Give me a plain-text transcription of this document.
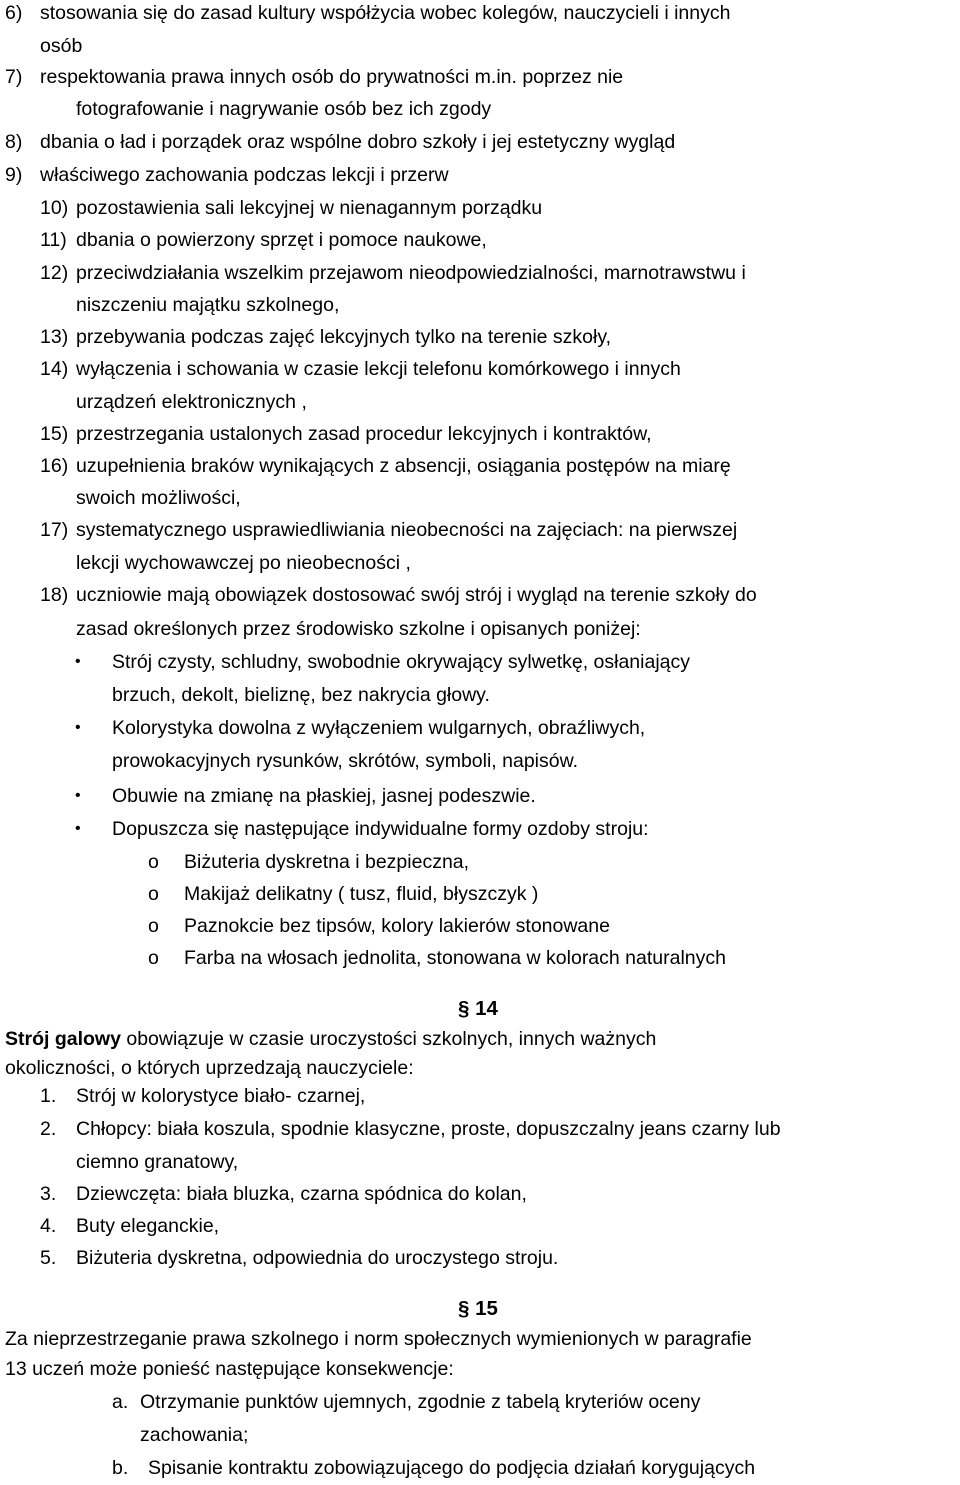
6) stosowania się do zasad kultury współżycia wobec kolegów, nauczycieli i innych
osób
7) respektowania prawa innych osób do prywatności m.in. poprzez nie
fotografowanie i nagrywanie osób bez ich zgody
8) dbania o ład i porządek oraz wspólne dobro szkoły i jej estetyczny wygląd
9) właściwego zachowania podczas lekcji i przerw
10) pozostawienia sali lekcyjnej w nienagannym porządku
11) dbania o powierzony sprzęt i pomoce naukowe,
12) przeciwdziałania wszelkim przejawom nieodpowiedzialności, marnotrawstwu i
niszczeniu majątku szkolnego,
13) przebywania podczas zajęć lekcyjnych tylko na terenie szkoły,
14) wyłączenia i schowania w czasie lekcji telefonu komórkowego i innych
urządzeń elektronicznych ,
15) przestrzegania ustalonych zasad procedur lekcyjnych i kontraktów,
16) uzupełnienia braków wynikających z absencji, osiągania postępów na miarę
swoich możliwości,
17) systematycznego usprawiedliwiania nieobecności na zajęciach: na pierwszej
lekcji wychowawczej po nieobecności ,
18) uczniowie mają obowiązek dostosować swój strój i wygląd na terenie szkoły do
zasad określonych przez środowisko szkolne i opisanych poniżej:
• Strój czysty, schludny, swobodnie okrywający sylwetkę, osłaniający
brzuch, dekolt, bieliznę, bez nakrycia głowy.
• Kolorystyka dowolna z wyłączeniem wulgarnych, obraźliwych,
prowokacyjnych rysunków, skrótów, symboli, napisów.
• Obuwie na zmianę na płaskiej, jasnej podeszwie.
• Dopuszcza się następujące indywidualne formy ozdoby stroju:
o Biżuteria dyskretna i bezpieczna,
o Makijaż delikatny ( tusz, fluid, błyszczyk )
o Paznokcie bez tipsów, kolory lakierów stonowane
o Farba na włosach jednolita, stonowana w kolorach naturalnych
§ 14
Strój galowy obowiązuje w czasie uroczystości szkolnych, innych ważnych
okoliczności, o których uprzedzają nauczyciele:
1. Strój w kolorystyce biało- czarnej,
2. Chłopcy: biała koszula, spodnie klasyczne, proste, dopuszczalny jeans czarny lub
ciemno granatowy,
3. Dziewczęta: biała bluzka, czarna spódnica do kolan,
4. Buty eleganckie,
5. Biżuteria dyskretna, odpowiednia do uroczystego stroju.
§ 15
Za nieprzestrzeganie prawa szkolnego i norm społecznych wymienionych w paragrafie
13 uczeń może ponieść następujące konsekwencje:
a. Otrzymanie punktów ujemnych, zgodnie z tabelą kryteriów oceny
zachowania;
b. Spisanie kontraktu zobowiązującego do podjęcia działań korygujących
